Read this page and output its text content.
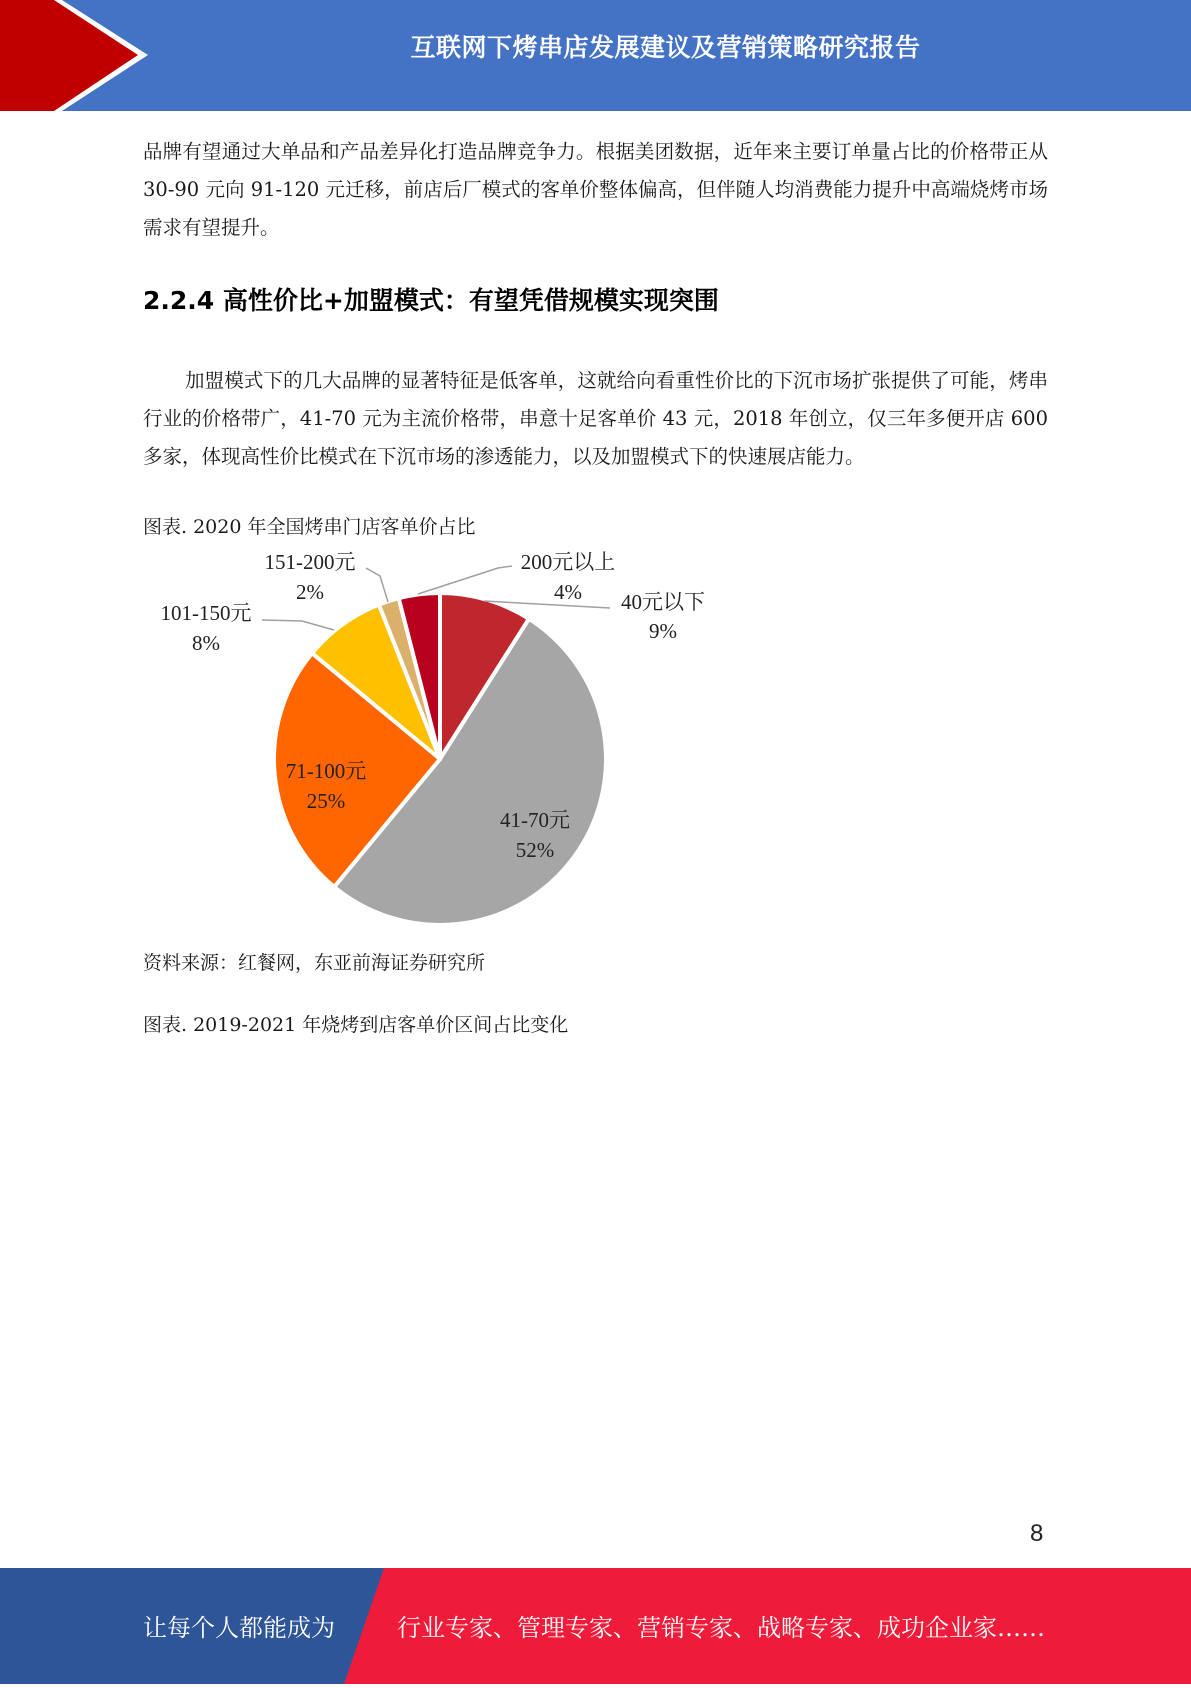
互联网下烤串店发展建议及营销策略研究报告

品牌有望通过大单品和产品差异化打造品牌竞争力。根据美团数据，近年来主要订单量占比的价格带正从 30-90 元向 91-120 元迁移，前店后厂模式的客单价整体偏高，但伴随人均消费能力提升中高端烧烤市场需求有望提升。

2.2.4 高性价比+加盟模式：有望凭借规模实现突围

加盟模式下的几大品牌的显著特征是低客单，这就给向看重性价比的下沉市场扩张提供了可能，烤串行业的价格带广，41-70 元为主流价格带，串意十足客单价 43 元，2018 年创立，仅三年多便开店 600 多家，体现高性价比模式在下沉市场的渗透能力，以及加盟模式下的快速展店能力。

图表. 2020 年全国烤串门店客单价占比

40元以下
9%
41-70元
52%
71-100元
25%
101-150元
8%
151-200元
2%
200元以上
4%

资料来源：红餐网，东亚前海证券研究所

图表. 2019-2021 年烧烤到店客单价区间占比变化

8
让每个人都能成为	行业专家、管理专家、营销专家、战略专家、成功企业家……
